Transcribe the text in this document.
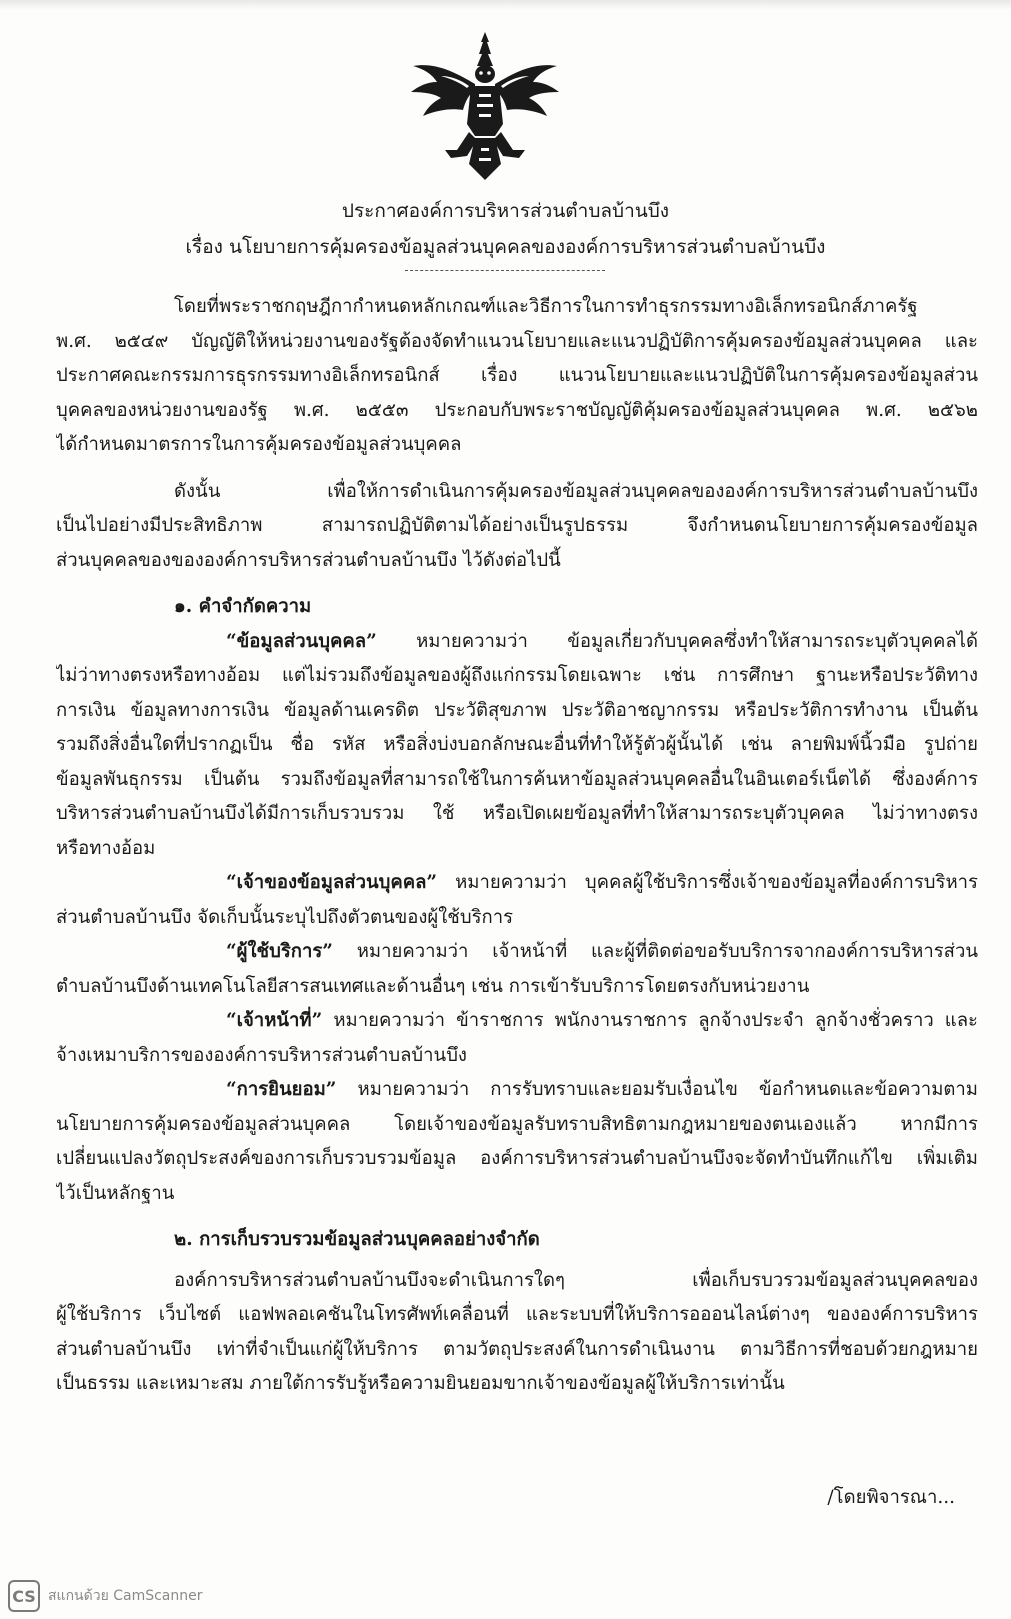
ประกาศองค์การบริหารส่วนตำบลบ้านบึง
เรื่อง นโยบายการคุ้มครองข้อมูลส่วนบุคคลขององค์การบริหารส่วนตำบลบ้านบึง
โดยที่พระราชกฤษฎีกากำหนดหลักเกณฑ์และวิธีการในการทำธุรกรรมทางอิเล็กทรอนิกส์ภาครัฐ
พ.ศ. ๒๕๔๙ บัญญัติให้หน่วยงานของรัฐต้องจัดทำแนวนโยบายและแนวปฏิบัติการคุ้มครองข้อมูลส่วนบุคคล และ
ประกาศคณะกรรมการธุรกรรมทางอิเล็กทรอนิกส์ เรื่อง แนวนโยบายและแนวปฏิบัติในการคุ้มครองข้อมูลส่วน
บุคคลของหน่วยงานของรัฐ พ.ศ. ๒๕๕๓ ประกอบกับพระราชบัญญัติคุ้มครองข้อมูลส่วนบุคคล พ.ศ. ๒๕๖๒
ได้กำหนดมาตรการในการคุ้มครองข้อมูลส่วนบุคคล
ดังนั้น เพื่อให้การดำเนินการคุ้มครองข้อมูลส่วนบุคคลขององค์การบริหารส่วนตำบลบ้านบึง
เป็นไปอย่างมีประสิทธิภาพ สามารถปฏิบัติตามได้อย่างเป็นรูปธรรม จึงกำหนดนโยบายการคุ้มครองข้อมูล
ส่วนบุคคลของขององค์การบริหารส่วนตำบลบ้านบึง ไว้ดังต่อไปนี้
๑. คำจำกัดความ
“ข้อมูลส่วนบุคคล” หมายความว่า ข้อมูลเกี่ยวกับบุคคลซึ่งทำให้สามารถระบุตัวบุคคลได้
ไม่ว่าทางตรงหรือทางอ้อม แต่ไม่รวมถึงข้อมูลของผู้ถึงแก่กรรมโดยเฉพาะ เช่น การศึกษา ฐานะหรือประวัติทาง
การเงิน ข้อมูลทางการเงิน ข้อมูลด้านเครดิต ประวัติสุขภาพ ประวัติอาชญากรรม หรือประวัติการทำงาน เป็นต้น
รวมถึงสิ่งอื่นใดที่ปรากฏเป็น ชื่อ รหัส หรือสิ่งบ่งบอกลักษณะอื่นที่ทำให้รู้ตัวผู้นั้นได้ เช่น ลายพิมพ์นิ้วมือ รูปถ่าย
ข้อมูลพันธุกรรม เป็นต้น รวมถึงข้อมูลที่สามารถใช้ในการค้นหาข้อมูลส่วนบุคคลอื่นในอินเตอร์เน็ตได้ ซึ่งองค์การ
บริหารส่วนตำบลบ้านบึงได้มีการเก็บรวบรวม ใช้ หรือเปิดเผยข้อมูลที่ทำให้สามารถระบุตัวบุคคล ไม่ว่าทางตรง
หรือทางอ้อม
“เจ้าของข้อมูลส่วนบุคคล” หมายความว่า บุคคลผู้ใช้บริการซึ่งเจ้าของข้อมูลที่องค์การบริหาร
ส่วนตำบลบ้านบึง จัดเก็บนั้นระบุไปถึงตัวตนของผู้ใช้บริการ
“ผู้ใช้บริการ” หมายความว่า เจ้าหน้าที่ และผู้ที่ติดต่อขอรับบริการจากองค์การบริหารส่วน
ตำบลบ้านบึงด้านเทคโนโลยีสารสนเทศและด้านอื่นๆ เช่น การเข้ารับบริการโดยตรงกับหน่วยงาน
“เจ้าหน้าที่” หมายความว่า ข้าราชการ พนักงานราชการ ลูกจ้างประจำ ลูกจ้างชั่วคราว และ
จ้างเหมาบริการขององค์การบริหารส่วนตำบลบ้านบึง
“การยินยอม” หมายความว่า การรับทราบและยอมรับเงื่อนไข ข้อกำหนดและข้อความตาม
นโยบายการคุ้มครองข้อมูลส่วนบุคคล โดยเจ้าของข้อมูลรับทราบสิทธิตามกฎหมายของตนเองแล้ว หากมีการ
เปลี่ยนแปลงวัตถุประสงค์ของการเก็บรวบรวมข้อมูล องค์การบริหารส่วนตำบลบ้านบึงจะจัดทำบันทึกแก้ไข เพิ่มเติม
ไว้เป็นหลักฐาน
๒. การเก็บรวบรวมข้อมูลส่วนบุคคลอย่างจำกัด
องค์การบริหารส่วนตำบลบ้านบึงจะดำเนินการใดๆ เพื่อเก็บรบวรวมข้อมูลส่วนบุคคลของ
ผู้ใช้บริการ เว็บไซต์ แอฟพลอเคชันในโทรศัพท์เคลื่อนที่ และระบบที่ให้บริการอออนไลน์ต่างๆ ขององค์การบริหาร
ส่วนตำบลบ้านบึง เท่าที่จำเป็นแก่ผู้ให้บริการ ตามวัตถุประสงค์ในการดำเนินงาน ตามวิธีการที่ชอบด้วยกฎหมาย
เป็นธรรม และเหมาะสม ภายใต้การรับรู้หรือความยินยอมขากเจ้าของข้อมูลผู้ให้บริการเท่านั้น
/โดยพิจารณา...
CS สแกนด้วย CamScanner
